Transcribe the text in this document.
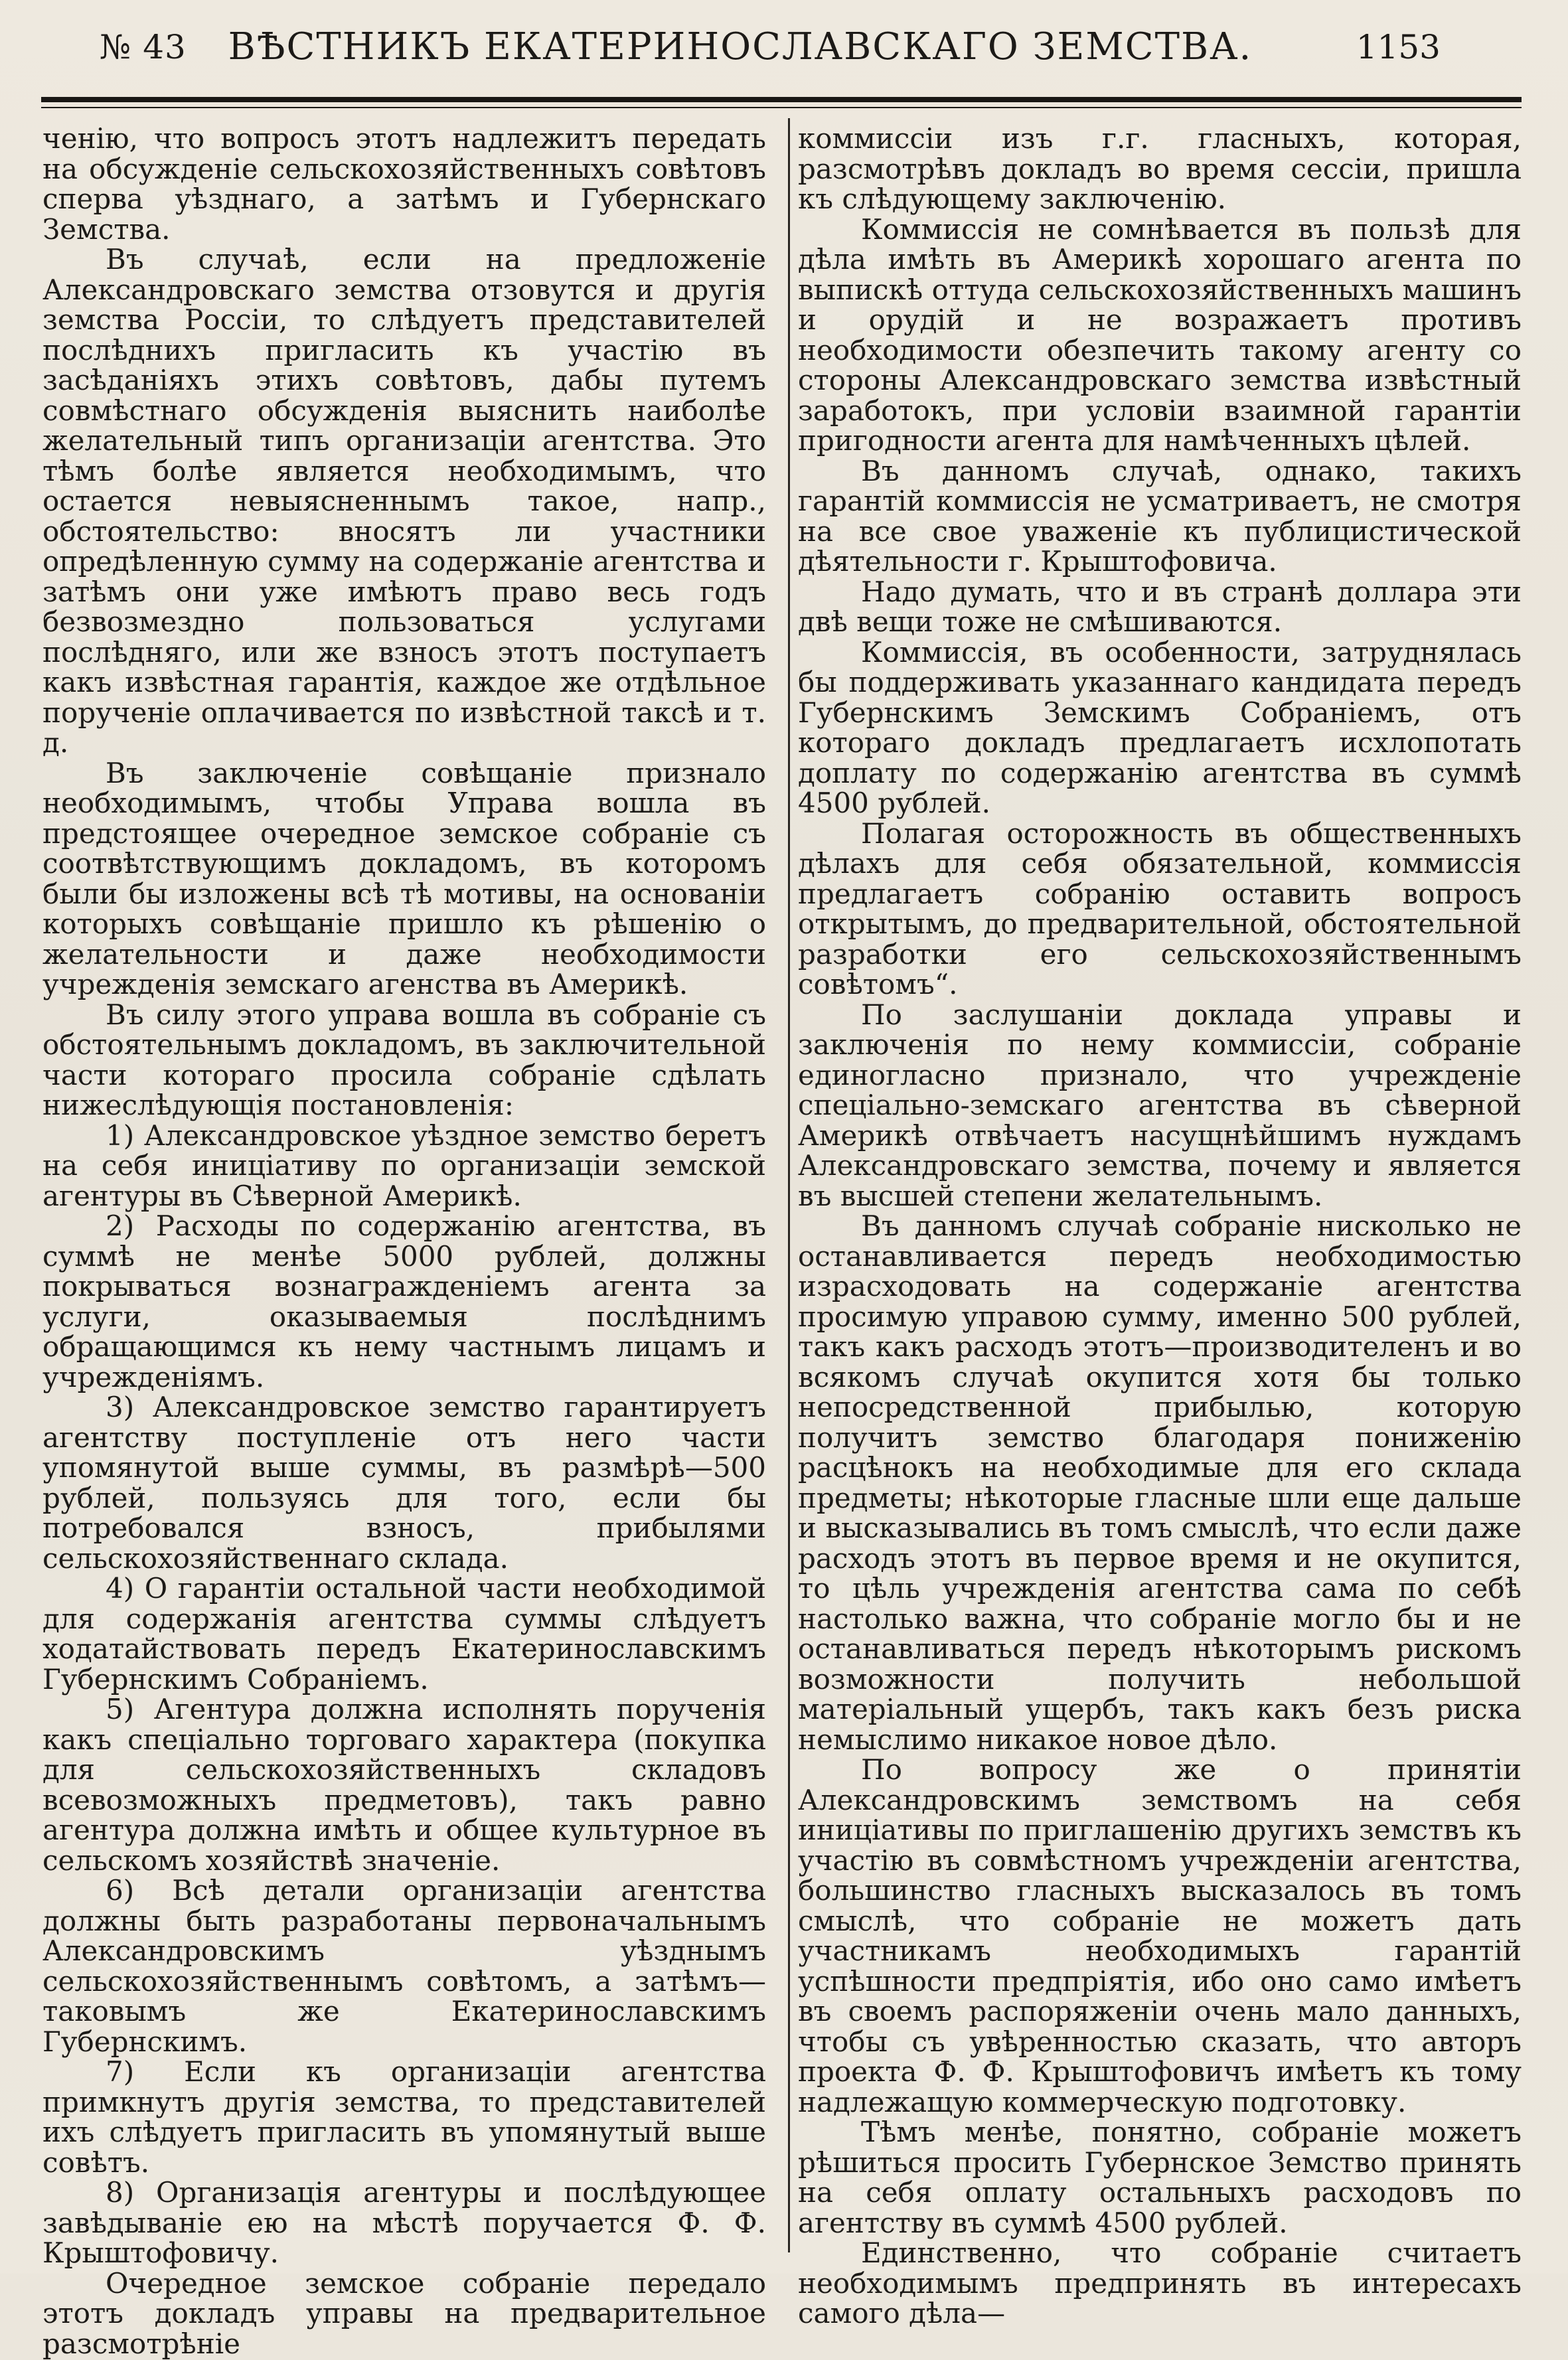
№ 43	ВѢСТНИКЪ ЕКАТЕРИНОСЛАВСКАГО ЗЕМСТВА.	1153

ченію, что вопросъ этотъ надлежитъ передать на обсужденіе сельскохозяйственныхъ совѣтовъ сперва уѣзднаго, а затѣмъ и Губернскаго Земства.

Въ случаѣ, если на предложеніе Александровскаго земства отзовутся и другія земства Россіи, то слѣдуетъ представителей послѣднихъ пригласить къ участію въ засѣданіяхъ этихъ совѣтовъ, дабы путемъ совмѣстнаго обсужденія выяснить наиболѣе желательный типъ организаціи агентства. Это тѣмъ болѣе является необходимымъ, что остается невыясненнымъ такое, напр., обстоятельство: вносятъ ли участники опредѣленную сумму на содержаніе агентства и затѣмъ они уже имѣютъ право весь годъ безвозмездно пользоваться услугами послѣдняго, или же взносъ этотъ поступаетъ какъ извѣстная гарантія, каждое же отдѣльное порученіе оплачивается по извѣстной таксѣ и т. д.

Въ заключеніе совѣщаніе признало необходимымъ, чтобы Управа вошла въ предстоящее очередное земское собраніе съ соотвѣтствующимъ докладомъ, въ которомъ были бы изложены всѣ тѣ мотивы, на основаніи которыхъ совѣщаніе пришло къ рѣшенію о желательности и даже необходимости учрежденія земскаго агенства въ Америкѣ.

Въ силу этого управа вошла въ собраніе съ обстоятельнымъ докладомъ, въ заключительной части котораго просила собраніе сдѣлать нижеслѣдующія постановленія:

1) Александровское уѣздное земство беретъ на себя иниціативу по организаціи земской агентуры въ Сѣверной Америкѣ.

2) Расходы по содержанію агентства, въ суммѣ не менѣе 5000 рублей, должны покрываться вознагражденіемъ агента за услуги, оказываемыя послѣднимъ обращающимся къ нему частнымъ лицамъ и учрежденіямъ.

3) Александровское земство гарантируетъ агентству поступленіе отъ него части упомянутой выше суммы, въ размѣрѣ—500 рублей, пользуясь для того, если бы потребовался взносъ, прибылями сельскохозяйственнаго склада.

4) О гарантіи остальной части необходимой для содержанія агентства суммы слѣдуетъ ходатайствовать передъ Екатеринославскимъ Губернскимъ Собраніемъ.

5) Агентура должна исполнять порученія какъ спеціально торговаго характера (покупка для сельскохозяйственныхъ складовъ всевозможныхъ предметовъ), такъ равно агентура должна имѣть и общее культурное въ сельскомъ хозяйствѣ значеніе.

6) Всѣ детали организаціи агентства должны быть разработаны первоначальнымъ Александровскимъ уѣзднымъ сельскохозяйственнымъ совѣтомъ, а затѣмъ—таковымъ же Екатеринославскимъ Губернскимъ.

7) Если къ организаціи агентства примкнутъ другія земства, то представителей ихъ слѣдуетъ пригласить въ упомянутый выше совѣтъ.

8) Организація агентуры и послѣдующее завѣдываніе ею на мѣстѣ поручается Ф. Ф. Крыштофовичу.

Очередное земское собраніе передало этотъ докладъ управы на предварительное разсмотрѣніе

коммиссіи изъ г.г. гласныхъ, которая, разсмотрѣвъ докладъ во время сессіи, пришла къ слѣдующему заключенію.

Коммиссія не сомнѣвается въ пользѣ для дѣла имѣть въ Америкѣ хорошаго агента по выпискѣ оттуда сельскохозяйственныхъ машинъ и орудій и не возражаетъ противъ необходимости обезпечить такому агенту со стороны Александровскаго земства извѣстный заработокъ, при условіи взаимной гарантіи пригодности агента для намѣченныхъ цѣлей.

Въ данномъ случаѣ, однако, такихъ гарантій коммиссія не усматриваетъ, не смотря на все свое уваженіе къ публицистической дѣятельности г. Крыштофовича.

Надо думать, что и въ странѣ доллара эти двѣ вещи тоже не смѣшиваются.

Коммиссія, въ особенности, затруднялась бы поддерживать указаннаго кандидата передъ Губернскимъ Земскимъ Собраніемъ, отъ котораго докладъ предлагаетъ исхлопотать доплату по содержанію агентства въ суммѣ 4500 рублей.

Полагая осторожность въ общественныхъ дѣлахъ для себя обязательной, коммиссія предлагаетъ собранію оставить вопросъ открытымъ, до предварительной, обстоятельной разработки его сельскохозяйственнымъ совѣтомъ“.

По заслушаніи доклада управы и заключенія по нему коммиссіи, собраніе единогласно признало, что учрежденіе спеціально-земскаго агентства въ сѣверной Америкѣ отвѣчаетъ насущнѣйшимъ нуждамъ Александровскаго земства, почему и является въ высшей степени желательнымъ.

Въ данномъ случаѣ собраніе нисколько не останавливается передъ необходимостью израсходовать на содержаніе агентства просимую управою сумму, именно 500 рублей, такъ какъ расходъ этотъ—производителенъ и во всякомъ случаѣ окупится хотя бы только непосредственной прибылью, которую получитъ земство благодаря пониженію расцѣнокъ на необходимые для его склада предметы; нѣкоторые гласные шли еще дальше и высказывались въ томъ смыслѣ, что если даже расходъ этотъ въ первое время и не окупится, то цѣль учрежденія агентства сама по себѣ настолько важна, что собраніе могло бы и не останавливаться передъ нѣкоторымъ рискомъ возможности получить небольшой матеріальный ущербъ, такъ какъ безъ риска немыслимо никакое новое дѣло.

По вопросу же о принятіи Александровскимъ земствомъ на себя иниціативы по приглашенію другихъ земствъ къ участію въ совмѣстномъ учрежденіи агентства, большинство гласныхъ высказалось въ томъ смыслѣ, что собраніе не можетъ дать участникамъ необходимыхъ гарантій успѣшности предпріятія, ибо оно само имѣетъ въ своемъ распоряженіи очень мало данныхъ, чтобы съ увѣренностью сказать, что авторъ проекта Ф. Ф. Крыштофовичъ имѣетъ къ тому надлежащую коммерческую подготовку.

Тѣмъ менѣе, понятно, собраніе можетъ рѣшиться просить Губернское Земство принять на себя оплату остальныхъ расходовъ по агентству въ суммѣ 4500 рублей.

Единственно, что собраніе считаетъ необходимымъ предпринять въ интересахъ самого дѣла—
